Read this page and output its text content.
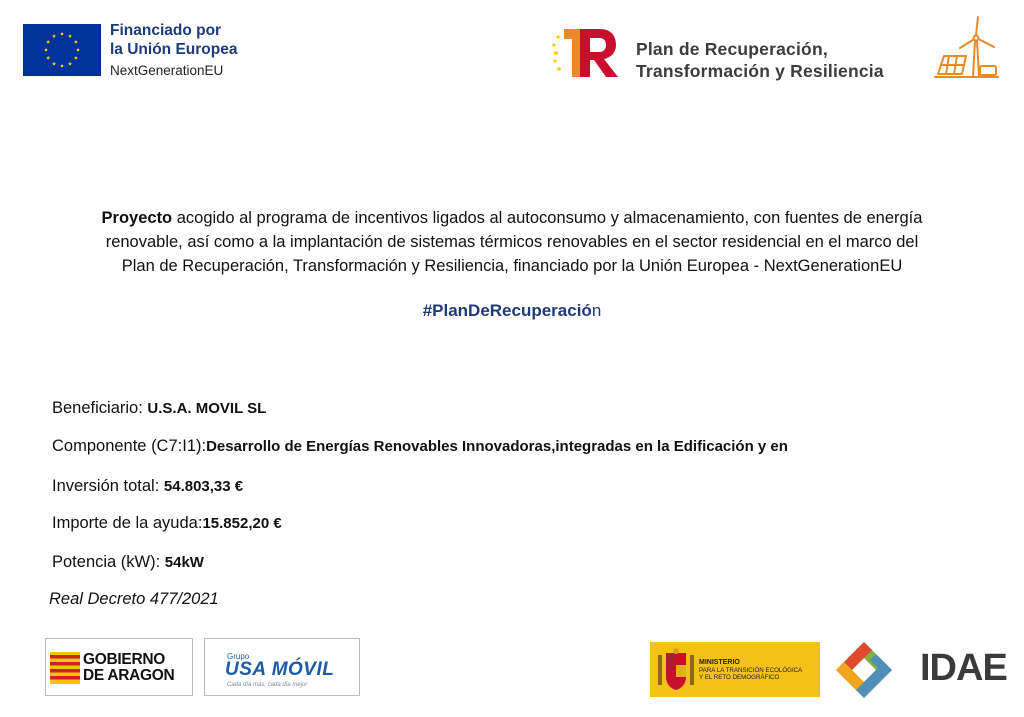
Financiado por
la Unión Europea
NextGenerationEU
Plan de Recuperación,
Transformación y Resiliencia
Proyecto acogido al programa de incentivos ligados al autoconsumo y almacenamiento, con fuentes de energía
renovable, así como a la implantación de sistemas térmicos renovables en el sector residencial en el marco del
Plan de Recuperación, Transformación y Resiliencia, financiado por la Unión Europea - NextGenerationEU
#PlanDeRecuperación
Beneficiario: U.S.A. MOVIL SL
Componente (C7:I1):Desarrollo de Energías Renovables Innovadoras,integradas en la Edificación y en
Inversión total: 54.803,33 €
Importe de la ayuda:15.852,20 €
Potencia (kW): 54kW
Real Decreto 477/2021
GOBIERNO
DE ARAGON
Grupo
USA MÓVIL
Cada día más, cada día mejor
MINISTERIO
PARA LA TRANSICIÓN ECOLÓGICA
Y EL RETO DEMOGRÁFICO	IDAE
